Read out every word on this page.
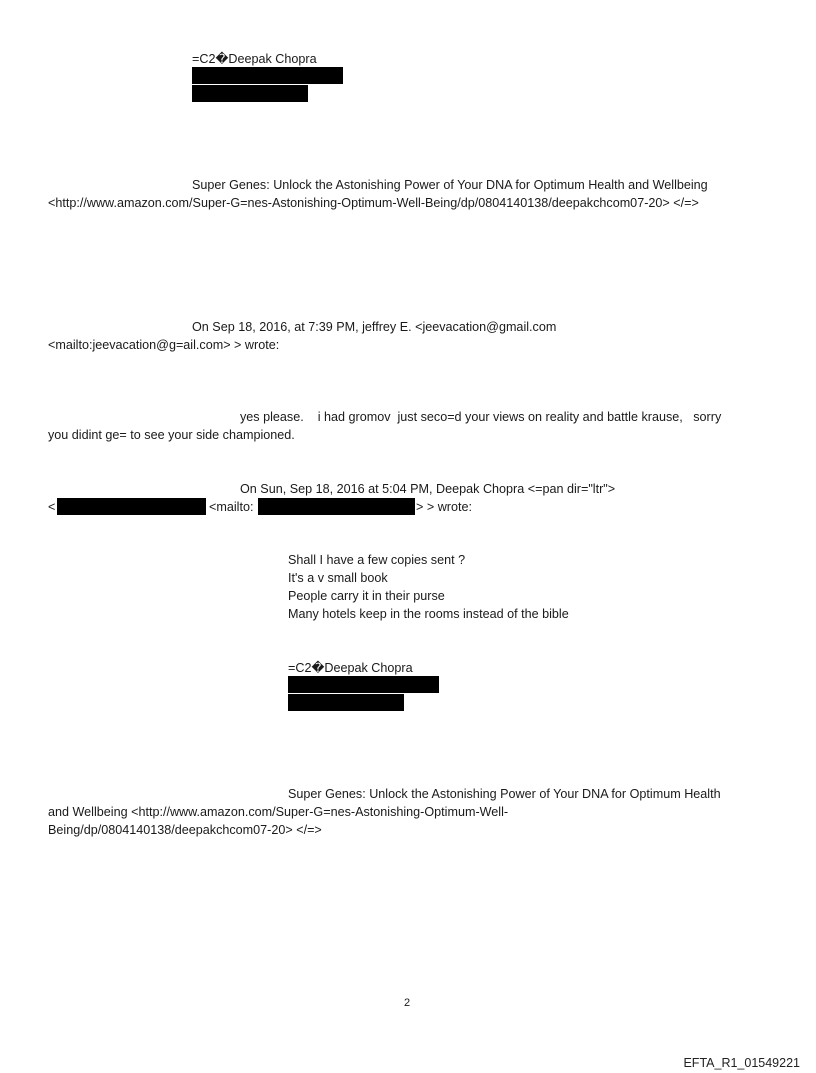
=C2�Deepak Chopra
Super Genes: Unlock the Astonishing Power of Your DNA for Optimum Health and Wellbeing
<http://www.amazon.com/Super-G=nes-Astonishing-Optimum-Well-Being/dp/0804140138/deepakchcom07-20> </=>
On Sep 18, 2016, at 7:39 PM, jeffrey E. <jeevacation@gmail.com
<mailto:jeevacation@g=ail.com> > wrote:
yes please.    i had gromov  just seco=d your views on reality and battle krause,   sorry
you didint ge= to see your side championed.
On Sun, Sep 18, 2016 at 5:04 PM, Deepak Chopra <=pan dir="ltr">
<	<mailto:	> > wrote:
Shall I have a few copies sent ?
It's a v small book
People carry it in their purse
Many hotels keep in the rooms instead of the bible
=C2�Deepak Chopra
Super Genes: Unlock the Astonishing Power of Your DNA for Optimum Health
and Wellbeing <http://www.amazon.com/Super-G=nes-Astonishing-Optimum-Well-
Being/dp/0804140138/deepakchcom07-20> </=>
2
EFTA_R1_01549221
